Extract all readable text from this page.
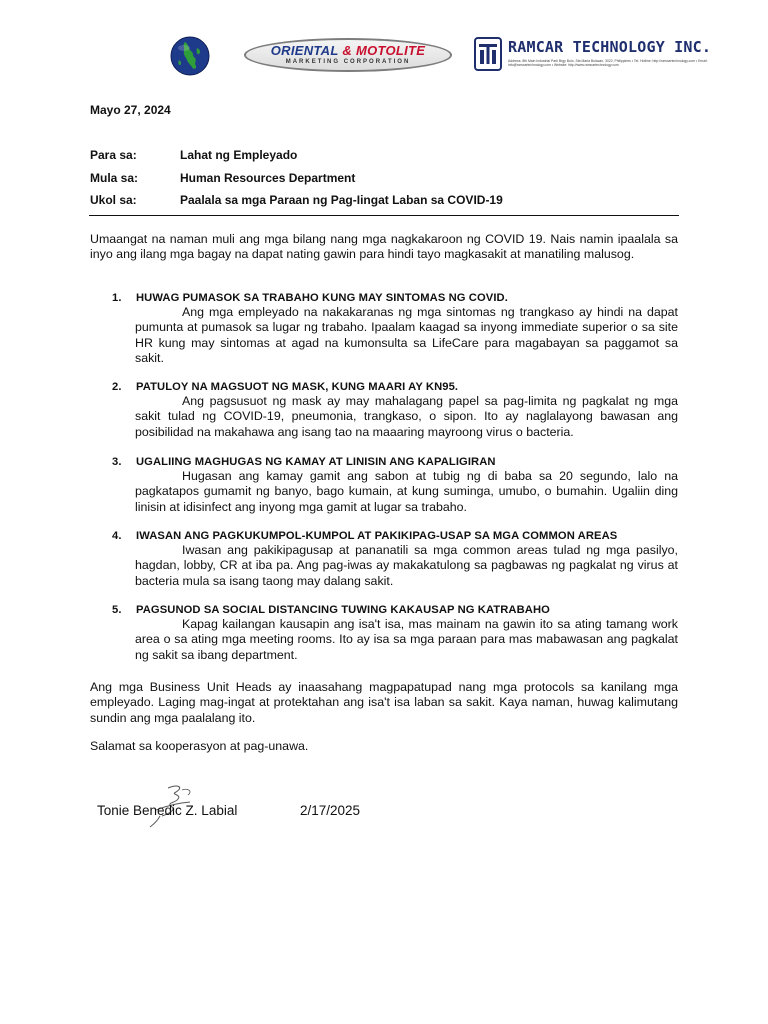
ORIENTAL & MOTOLITE
MARKETING CORPORATION
RAMCAR TECHNOLOGY INC.
Address: 8th Main Industrial Park Brgy Bolo, Sta Maria Bulacan, 3022, Philippines • Tel. Hotline: http://ramcartechnology.com • Email: info@ramcartechnology.com • Website: http://www.ramcartechnology.com
Mayo 27, 2024
Para sa:	Lahat ng Empleyado
Mula sa:	Human Resources Department
Ukol sa:	Paalala sa mga Paraan ng Pag-Iingat Laban sa COVID-19
Umaangat na naman muli ang mga bilang nang mga nagkakaroon ng COVID 19. Nais namin ipaalala sa inyo ang ilang mga bagay na dapat nating gawin para hindi tayo magkasakit at manatiling malusog.
1. HUWAG PUMASOK SA TRABAHO KUNG MAY SINTOMAS NG COVID.
Ang mga empleyado na nakakaranas ng mga sintomas ng trangkaso ay hindi na dapat pumunta at pumasok sa lugar ng trabaho. Ipaalam kaagad sa inyong immediate superior o sa site HR kung may sintomas at agad na kumonsulta sa LifeCare para magabayan sa paggamot sa sakit.
2. PATULOY NA MAGSUOT NG MASK, KUNG MAARI AY KN95.
Ang pagsusuot ng mask ay may mahalagang papel sa pag-limita ng pagkalat ng mga sakit tulad ng COVID-19, pneumonia, trangkaso, o sipon. Ito ay naglalayong bawasan ang posibilidad na makahawa ang isang tao na maaaring mayroong virus o bacteria.
3. UGALIING MAGHUGAS NG KAMAY AT LINISIN ANG KAPALIGIRAN
Hugasan ang kamay gamit ang sabon at tubig ng di baba sa 20 segundo, lalo na pagkatapos gumamit ng banyo, bago kumain, at kung suminga, umubo, o bumahin. Ugaliin ding linisin at idisinfect ang inyong mga gamit at lugar sa trabaho.
4. IWASAN ANG PAGKUKUMPOL-KUMPOL AT PAKIKIPAG-USAP SA MGA COMMON AREAS
Iwasan ang pakikipagusap at pananatili sa mga common areas tulad ng mga pasilyo, hagdan, lobby, CR at iba pa. Ang pag-iwas ay makakatulong sa pagbawas ng pagkalat ng virus at bacteria mula sa isang taong may dalang sakit.
5. PAGSUNOD SA SOCIAL DISTANCING TUWING KAKAUSAP NG KATRABAHO
Kapag kailangan kausapin ang isa't isa, mas mainam na gawin ito sa ating tamang work area o sa ating mga meeting rooms. Ito ay isa sa mga paraan para mas mabawasan ang pagkalat ng sakit sa ibang department.
Ang mga Business Unit Heads ay inaasahang magpapatupad nang mga protocols sa kanilang mga empleyado. Laging mag-ingat at protektahan ang isa't isa laban sa sakit. Kaya naman, huwag kalimutang sundin ang mga paalalang ito.
Salamat sa kooperasyon at pag-unawa.
Tonie Benedic Z. Labial	2/17/2025
